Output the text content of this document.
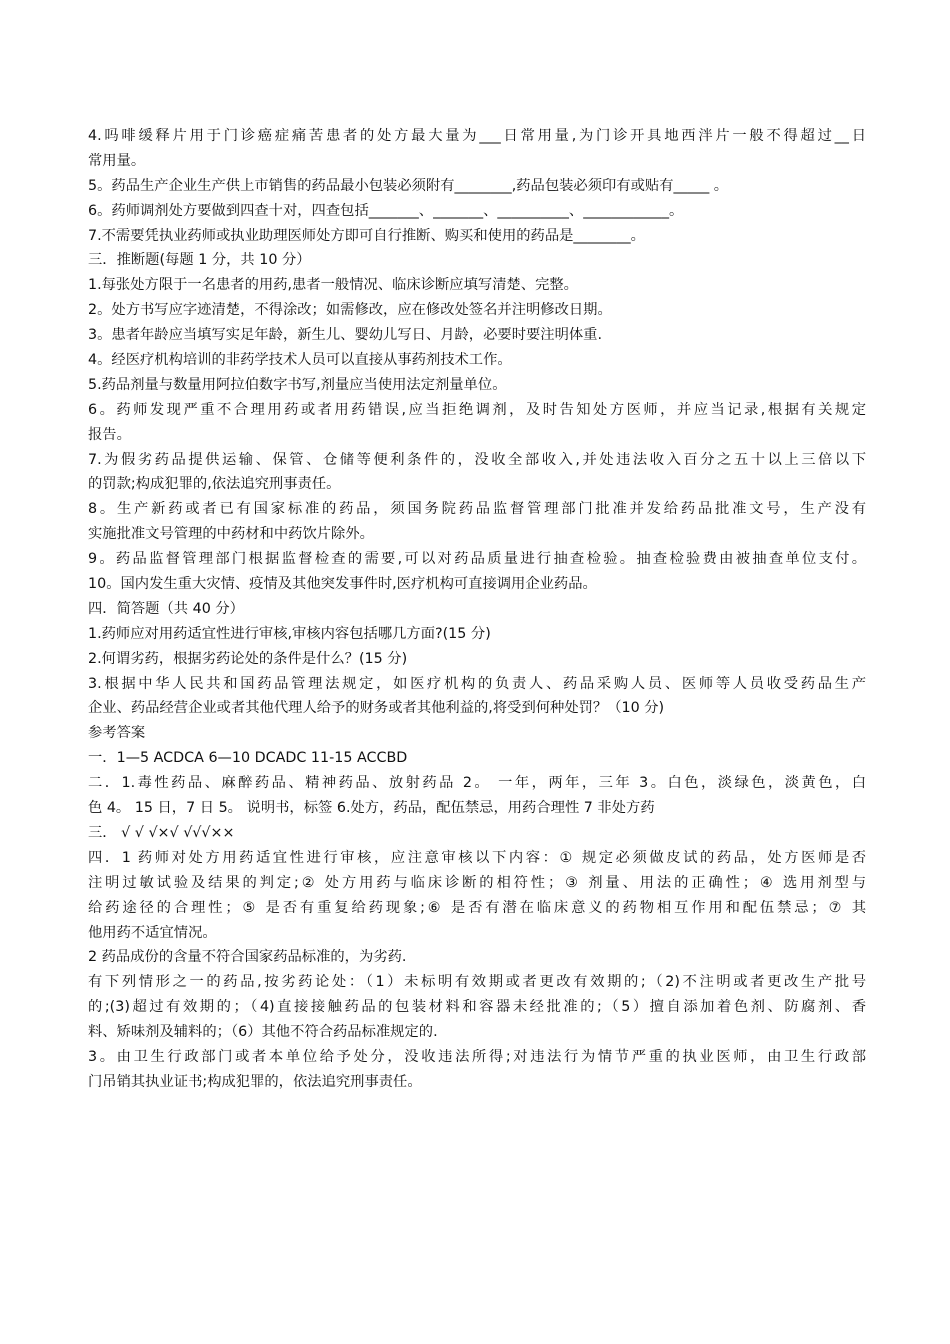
4.吗啡缓释片用于门诊癌症痛苦患者的处方最大量为___日常用量,为门诊开具地西泮片一般不得超过__日
常用量。
5。药品生产企业生产供上市销售的药品最小包装必须附有________,药品包装必须印有或贴有_____ 。
6。药师调剂处方要做到四查十对，四查包括_______、_______、__________、____________。
7.不需要凭执业药师或执业助理医师处方即可自行推断、购买和使用的药品是________。
三．推断题(每题 1 分，共 10 分）
1.每张处方限于一名患者的用药,患者一般情况、临床诊断应填写清楚、完整。
2。处方书写应字迹清楚，不得涂改；如需修改，应在修改处签名并注明修改日期。
3。患者年龄应当填写实足年龄，新生儿、婴幼儿写日、月龄，必要时要注明体重.
4。经医疗机构培训的非药学技术人员可以直接从事药剂技术工作。
5.药品剂量与数量用阿拉伯数字书写,剂量应当使用法定剂量单位。
6。药师发现严重不合理用药或者用药错误,应当拒绝调剂，及时告知处方医师，并应当记录,根据有关规定
报告。
7.为假劣药品提供运输、保管、仓储等便利条件的，没收全部收入,并处违法收入百分之五十以上三倍以下
的罚款;构成犯罪的,依法追究刑事责任。
8。生产新药或者已有国家标准的药品，须国务院药品监督管理部门批准并发给药品批准文号，生产没有
实施批准文号管理的中药材和中药饮片除外。
9。药品监督管理部门根据监督检查的需要,可以对药品质量进行抽查检验。抽查检验费由被抽查单位支付。
10。国内发生重大灾情、疫情及其他突发事件时,医疗机构可直接调用企业药品。
四．简答题（共 40 分）
1.药师应对用药适宜性进行审核,审核内容包括哪几方面?(15 分)
2.何谓劣药，根据劣药论处的条件是什么？(15 分)
3.根据中华人民共和国药品管理法规定，如医疗机构的负责人、药品采购人员、医师等人员收受药品生产
企业、药品经营企业或者其他代理人给予的财务或者其他利益的,将受到何种处罚？（10 分)
参考答案
一．1—5 ACDCA 6—10 DCADC 11-15 ACCBD
二．1.毒性药品、麻醉药品、精神药品、放射药品 2。 一年，两年，三年 3。白色，淡绿色，淡黄色，白
色 4。 15 日，7 日 5。 说明书，标签 6.处方，药品，配伍禁忌，用药合理性 7 非处方药
三． √ √ √×√ √√√××
四．1 药师对处方用药适宜性进行审核，应注意审核以下内容：① 规定必须做皮试的药品，处方医师是否
注明过敏试验及结果的判定;② 处方用药与临床诊断的相符性；③ 剂量、用法的正确性；④ 选用剂型与
给药途径的合理性；⑤ 是否有重复给药现象;⑥ 是否有潜在临床意义的药物相互作用和配伍禁忌；⑦ 其
他用药不适宜情况。
2 药品成份的含量不符合国家药品标准的，为劣药.
有下列情形之一的药品,按劣药论处：（1）未标明有效期或者更改有效期的;（2)不注明或者更改生产批号
的;(3)超过有效期的；（4)直接接触药品的包装材料和容器未经批准的;（5）擅自添加着色剂、防腐剂、香
料、矫味剂及辅料的；（6）其他不符合药品标准规定的.
3。由卫生行政部门或者本单位给予处分，没收违法所得;对违法行为情节严重的执业医师，由卫生行政部
门吊销其执业证书;构成犯罪的，依法追究刑事责任。
